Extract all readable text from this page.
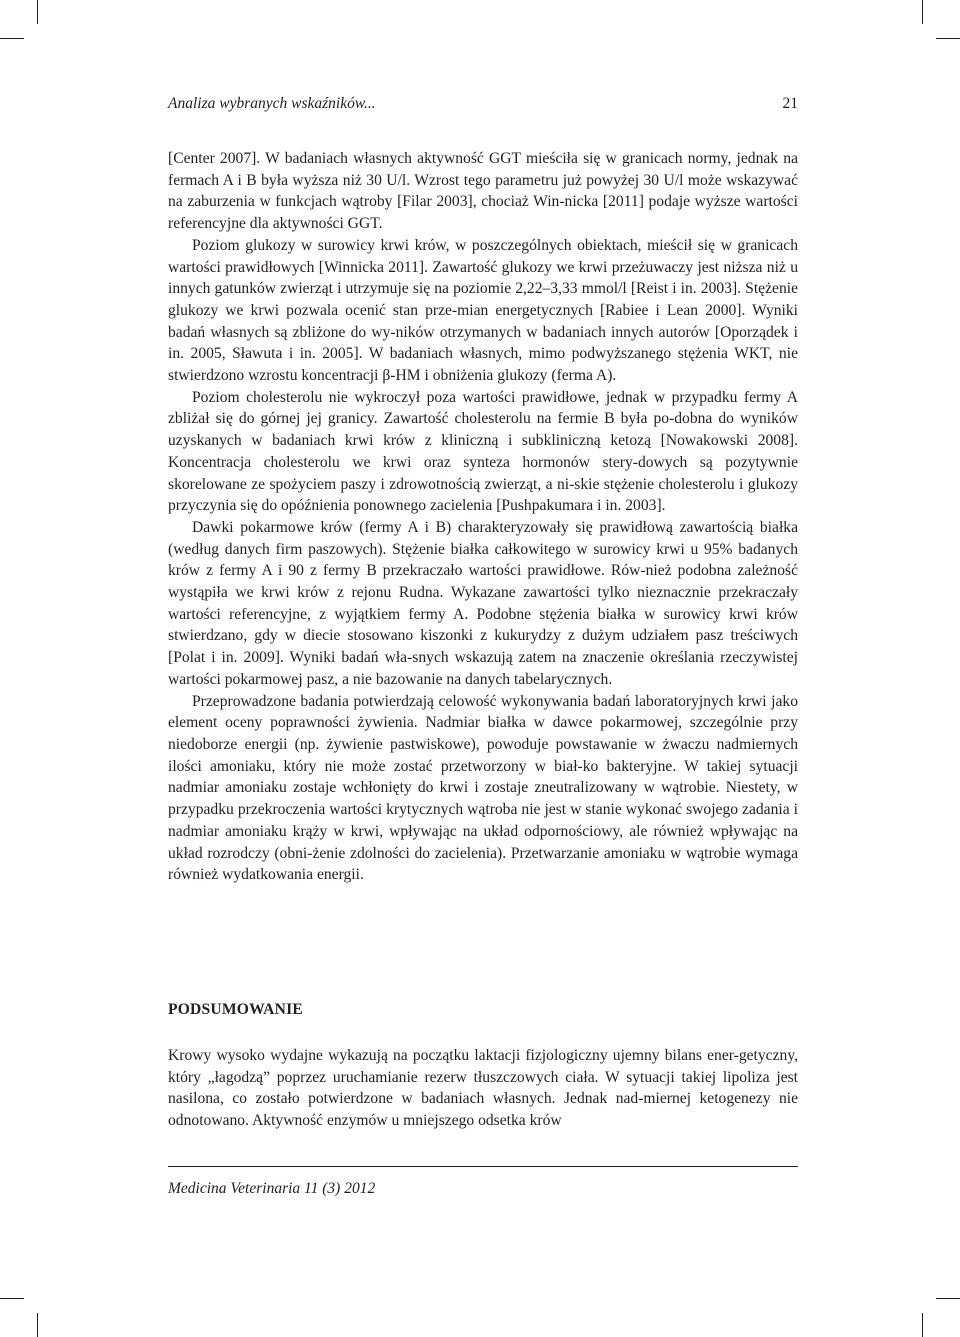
Analiza wybranych wskaźników...	21

[Center 2007]. W badaniach własnych aktywność GGT mieściła się w granicach normy, jednak na fermach A i B była wyższa niż 30 U/l. Wzrost tego parametru już powyżej 30 U/l może wskazywać na zaburzenia w funkcjach wątroby [Filar 2003], chociaż Win-nicka [2011] podaje wyższe wartości referencyjne dla aktywności GGT.

Poziom glukozy w surowicy krwi krów, w poszczególnych obiektach, mieścił się w granicach wartości prawidłowych [Winnicka 2011]. Zawartość glukozy we krwi przeżuwaczy jest niższa niż u innych gatunków zwierząt i utrzymuje się na poziomie 2,22–3,33 mmol/l [Reist i in. 2003]. Stężenie glukozy we krwi pozwala ocenić stan prze-mian energetycznych [Rabiee i Lean 2000]. Wyniki badań własnych są zbliżone do wy-ników otrzymanych w badaniach innych autorów [Oporządek i in. 2005, Sławuta i in. 2005]. W badaniach własnych, mimo podwyższanego stężenia WKT, nie stwierdzono wzrostu koncentracji β-HM i obniżenia glukozy (ferma A).

Poziom cholesterolu nie wykroczył poza wartości prawidłowe, jednak w przypadku fermy A zbliżał się do górnej jej granicy. Zawartość cholesterolu na fermie B była po-dobna do wyników uzyskanych w badaniach krwi krów z kliniczną i subkliniczną ketozą [Nowakowski 2008]. Koncentracja cholesterolu we krwi oraz synteza hormonów stery-dowych są pozytywnie skorelowane ze spożyciem paszy i zdrowotnością zwierząt, a ni-skie stężenie cholesterolu i glukozy przyczynia się do opóźnienia ponownego zacielenia [Pushpakumara i in. 2003].

Dawki pokarmowe krów (fermy A i B) charakteryzowały się prawidłową zawartością białka (według danych firm paszowych). Stężenie białka całkowitego w surowicy krwi u 95% badanych krów z fermy A i 90 z fermy B przekraczało wartości prawidłowe. Rów-nież podobna zależność wystąpiła we krwi krów z rejonu Rudna. Wykazane zawartości tylko nieznacznie przekraczały wartości referencyjne, z wyjątkiem fermy A. Podobne stężenia białka w surowicy krwi krów stwierdzano, gdy w diecie stosowano kiszonki z kukurydzy z dużym udziałem pasz treściwych [Polat i in. 2009]. Wyniki badań wła-snych wskazują zatem na znaczenie określania rzeczywistej wartości pokarmowej pasz, a nie bazowanie na danych tabelarycznych.

Przeprowadzone badania potwierdzają celowość wykonywania badań laboratoryjnych krwi jako element oceny poprawności żywienia. Nadmiar białka w dawce pokarmowej, szczególnie przy niedoborze energii (np. żywienie pastwiskowe), powoduje powstawanie w żwaczu nadmiernych ilości amoniaku, który nie może zostać przetworzony w biał-ko bakteryjne. W takiej sytuacji nadmiar amoniaku zostaje wchłonięty do krwi i zostaje zneutralizowany w wątrobie. Niestety, w przypadku przekroczenia wartości krytycznych wątroba nie jest w stanie wykonać swojego zadania i nadmiar amoniaku krąży w krwi, wpływając na układ odpornościowy, ale również wpływając na układ rozrodczy (obni-żenie zdolności do zacielenia). Przetwarzanie amoniaku w wątrobie wymaga również wydatkowania energii.

PODSUMOWANIE

Krowy wysoko wydajne wykazują na początku laktacji fizjologiczny ujemny bilans ener-getyczny, który „łagodzą” poprzez uruchamianie rezerw tłuszczowych ciała. W sytuacji takiej lipoliza jest nasilona, co zostało potwierdzone w badaniach własnych. Jednak nad-miernej ketogenezy nie odnotowano. Aktywność enzymów u mniejszego odsetka krów

Medicina Veterinaria 11 (3) 2012
